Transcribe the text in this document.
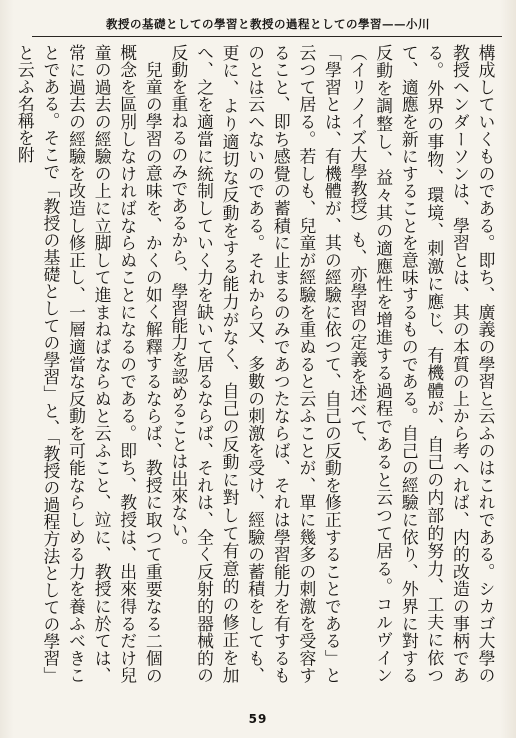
教授の基礎としての學習と教授の過程としての學習——小川

構成していくものである。即ち、廣義の學習と云ふのはこれである。シカゴ大學の教授ヘンダーソンは、學習とは、其の本質の上から考へれば、内的改造の事柄である。外界の事物、環境、刺激に應じ、有機體が、自己の内部的努力、工夫に依つて、適應を新にすることを意味するものである。自己の經驗に依り、外界に對する反動を調整し、益々其の適應性を增進する過程であると云つて居る。コルヴイン（イリノイズ大學教授）も、亦學習の定義を述べて、

「學習とは、有機體が、其の經驗に依つて、自己の反動を修正することである」と云つて居る。若しも、兒童が經驗を重ぬると云ふことが、單に幾多の刺激を受容すること、即ち感覺の蓄積に止まるのみであつたならば、それは學習能力を有するものとは云へないのである。それから又、多數の刺激を受け、經驗の蓄積をしても、更に、より適切な反動をする能力がなく、自己の反動に對して有意的の修正を加へ、之を適當に統制していく力を缺いて居るならば、それは、全く反射的器械的の反動を重ねるのみであるから、學習能力を認めることは出來ない。

兒童の學習の意味を、かくの如く解釋するならば、教授に取つて重要なる二個の概念を區別しなければならぬことになるのである。即ち、教授は、出來得るだけ兒童の過去の經驗の上に立脚して進まねばならぬと云ふこと、竝に、教授に於ては、常に過去の經驗を改造し修正し、一層適當な反動を可能ならしめる力を養ふべきことである。そこで「教授の基礎としての學習」と、「教授の過程方法としての學習」と云ふ名稱を附

59
